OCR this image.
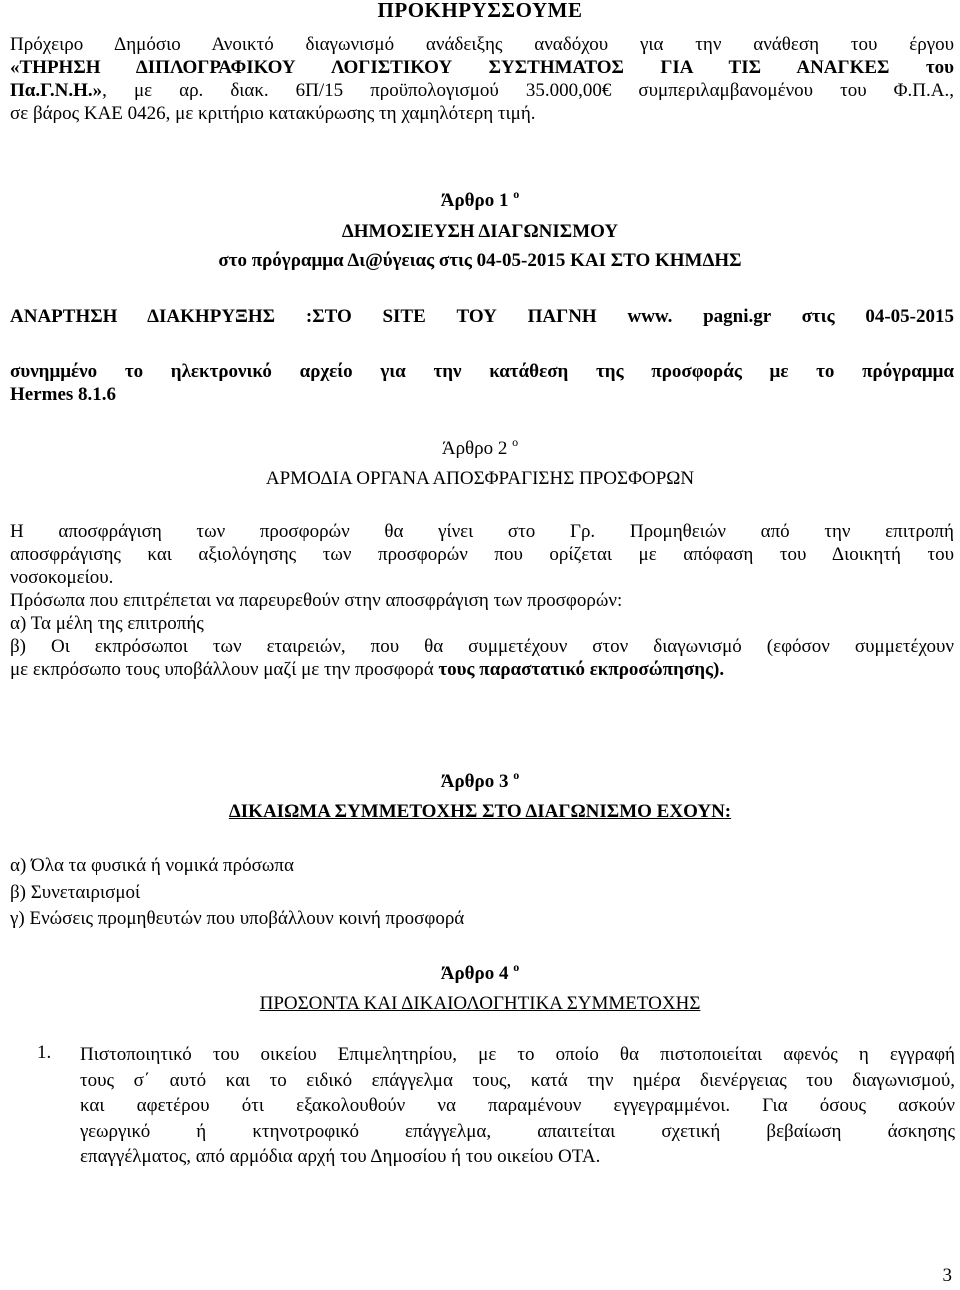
ΠΡΟΚΗΡΥΣΣΟΥΜΕ
Πρόχειρο Δημόσιο Ανοικτό διαγωνισμό ανάδειξης αναδόχου για την ανάθεση του έργου
«ΤΗΡΗΣΗ ΔΙΠΛΟΓΡΑΦΙΚΟΥ ΛΟΓΙΣΤΙΚΟΥ ΣΥΣΤΗΜΑΤΟΣ ΓΙΑ ΤΙΣ ΑΝΑΓΚΕΣ του
Πα.Γ.Ν.Η.», με αρ. διακ. 6Π/15 προϋπολογισμού 35.000,00€ συμπεριλαμβανομένου του Φ.Π.Α.,
σε βάρος ΚΑΕ 0426, με κριτήριο κατακύρωσης τη χαμηλότερη τιμή.
Άρθρο 1 $^o$
ΔΗΜΟΣΙΕΥΣΗ ΔΙΑΓΩΝΙΣΜΟΥ
στο πρόγραμμα Δι@ύγειας στις 04-05-2015 ΚΑΙ ΣΤΟ ΚΗΜΔΗΣ
ΑΝΑΡΤΗΣΗ ΔΙΑΚΗΡΥΞΗΣ :ΣΤΟ SITE ΤΟΥ ΠΑΓΝΗ www. pagni.gr στις 04-05-2015
συνημμένο το ηλεκτρονικό αρχείο για την κατάθεση της προσφοράς με το πρόγραμμα
Hermes 8.1.6
Άρθρο 2 $^o$
ΑΡΜΟΔΙΑ ΟΡΓΑΝΑ ΑΠΟΣΦΡΑΓΙΣΗΣ ΠΡΟΣΦΟΡΩΝ
Η αποσφράγιση των προσφορών θα γίνει στο Γρ. Προμηθειών από την επιτροπή
αποσφράγισης και αξιολόγησης των προσφορών που ορίζεται με απόφαση του Διοικητή του
νοσοκομείου.
Πρόσωπα που επιτρέπεται να παρευρεθούν στην αποσφράγιση των προσφορών:
α) Τα μέλη της επιτροπής
β) Οι εκπρόσωποι των εταιρειών, που θα συμμετέχουν στον διαγωνισμό (εφόσον συμμετέχουν
με εκπρόσωπο τους υποβάλλουν μαζί με την προσφορά τους παραστατικό εκπροσώπησης).
Άρθρο 3 $^o$
ΔΙΚΑΙΩΜΑ ΣΥΜΜΕΤΟΧΗΣ ΣΤΟ ΔΙΑΓΩΝΙΣΜΟ ΕΧΟΥΝ:
α) Όλα τα φυσικά ή νομικά πρόσωπα
β) Συνεταιρισμοί
γ) Ενώσεις προμηθευτών που υποβάλλουν κοινή προσφορά
Άρθρο 4 $^o$
ΠΡΟΣΟΝΤΑ ΚΑΙ ΔΙΚΑΙΟΛΟΓΗΤΙΚΑ ΣΥΜΜΕΤΟΧΗΣ
1. Πιστοποιητικό του οικείου Επιμελητηρίου, με το οποίο θα πιστοποιείται αφενός η εγγραφή
τους σ΄ αυτό και το ειδικό επάγγελμα τους, κατά την ημέρα διενέργειας του διαγωνισμού,
και αφετέρου ότι εξακολουθούν να παραμένουν εγγεγραμμένοι. Για όσους ασκούν
γεωργικό ή κτηνοτροφικό επάγγελμα, απαιτείται σχετική βεβαίωση άσκησης
επαγγέλματος, από αρμόδια αρχή του Δημοσίου ή του οικείου ΟΤΑ.
3
